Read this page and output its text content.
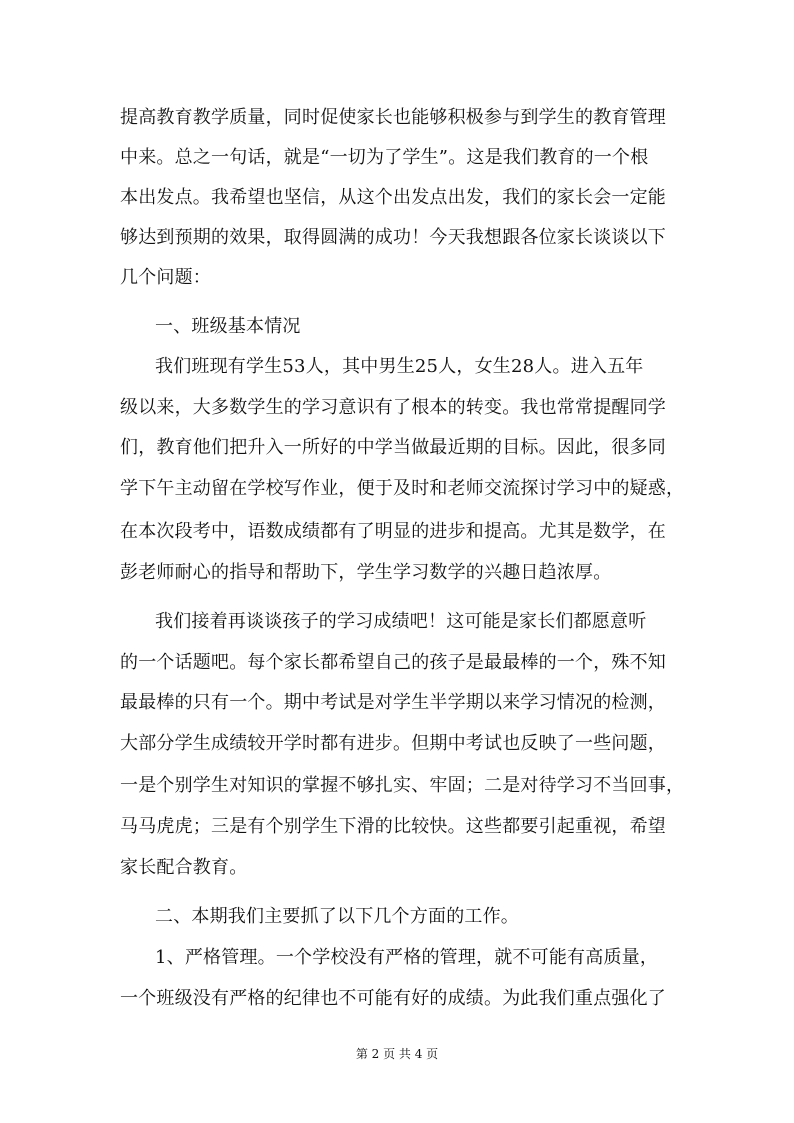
提高教育教学质量，同时促使家长也能够积极参与到学生的教育管理
中来。总之一句话，就是“一切为了学生”。这是我们教育的一个根
本出发点。我希望也坚信，从这个出发点出发，我们的家长会一定能
够达到预期的效果，取得圆满的成功！今天我想跟各位家长谈谈以下
几个问题：
一、班级基本情况
我们班现有学生53人，其中男生25人，女生28人。进入五年
级以来，大多数学生的学习意识有了根本的转变。我也常常提醒同学
们，教育他们把升入一所好的中学当做最近期的目标。因此，很多同
学下午主动留在学校写作业，便于及时和老师交流探讨学习中的疑惑，
在本次段考中，语数成绩都有了明显的进步和提高。尤其是数学，在
彭老师耐心的指导和帮助下，学生学习数学的兴趣日趋浓厚。
我们接着再谈谈孩子的学习成绩吧！这可能是家长们都愿意听
的一个话题吧。每个家长都希望自己的孩子是最最棒的一个，殊不知
最最棒的只有一个。期中考试是对学生半学期以来学习情况的检测，
大部分学生成绩较开学时都有进步。但期中考试也反映了一些问题，
一是个别学生对知识的掌握不够扎实、牢固；二是对待学习不当回事，
马马虎虎；三是有个别学生下滑的比较快。这些都要引起重视，希望
家长配合教育。
二、本期我们主要抓了以下几个方面的工作。
1、严格管理。一个学校没有严格的管理，就不可能有高质量，
一个班级没有严格的纪律也不可能有好的成绩。为此我们重点强化了
第 2 页 共 4 页
